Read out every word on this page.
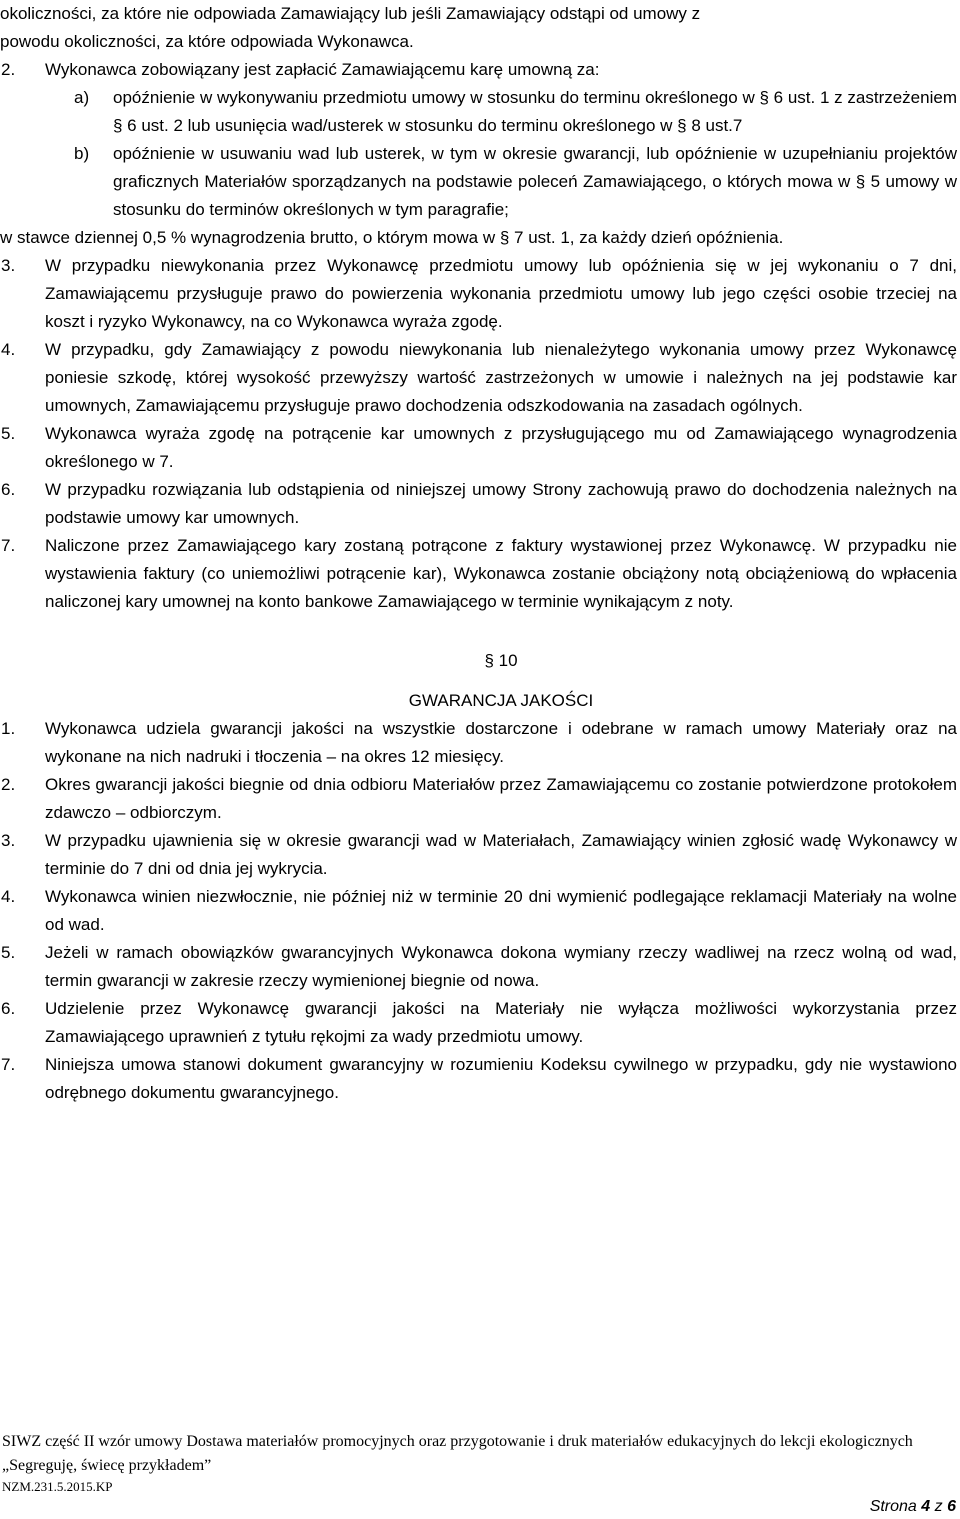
okoliczności, za które nie odpowiada Zamawiający lub jeśli Zamawiający odstąpi od umowy z
powodu okoliczności, za które odpowiada Wykonawca.
2. Wykonawca zobowiązany jest zapłacić Zamawiającemu karę umowną za:
a) opóźnienie w wykonywaniu przedmiotu umowy w stosunku do terminu określonego w § 6 ust. 1 z zastrzeżeniem § 6 ust. 2 lub usunięcia wad/usterek w stosunku do terminu określonego w § 8 ust.7
b) opóźnienie w usuwaniu wad lub usterek, w tym w okresie gwarancji, lub opóźnienie w uzupełnianiu projektów graficznych Materiałów sporządzanych na podstawie poleceń Zamawiającego, o których mowa w § 5 umowy w stosunku do terminów określonych w tym paragrafie;
w stawce dziennej 0,5 % wynagrodzenia brutto, o którym mowa w § 7 ust. 1, za każdy dzień opóźnienia.
3. W przypadku niewykonania przez Wykonawcę przedmiotu umowy lub opóźnienia się w jej wykonaniu o 7 dni, Zamawiającemu przysługuje prawo do powierzenia wykonania przedmiotu umowy lub jego części osobie trzeciej na koszt i ryzyko Wykonawcy, na co Wykonawca wyraża zgodę.
4. W przypadku, gdy Zamawiający z powodu niewykonania lub nienależytego wykonania umowy przez Wykonawcę poniesie szkodę, której wysokość przewyższy wartość zastrzeżonych w umowie i należnych na jej podstawie kar umownych, Zamawiającemu przysługuje prawo dochodzenia odszkodowania na zasadach ogólnych.
5. Wykonawca wyraża zgodę na potrącenie kar umownych z przysługującego mu od Zamawiającego wynagrodzenia określonego w 7.
6. W przypadku rozwiązania lub odstąpienia od niniejszej umowy Strony zachowują prawo do dochodzenia należnych na podstawie umowy kar umownych.
7. Naliczone przez Zamawiającego kary zostaną potrącone z faktury wystawionej przez Wykonawcę. W przypadku nie wystawienia faktury (co uniemożliwi potrącenie kar), Wykonawca zostanie obciążony notą obciążeniową do wpłacenia naliczonej kary umownej na konto bankowe Zamawiającego w terminie wynikającym z noty.
§ 10
GWARANCJA JAKOŚCI
1. Wykonawca udziela gwarancji jakości na wszystkie dostarczone i odebrane w ramach umowy Materiały oraz na wykonane na nich nadruki i tłoczenia – na okres 12 miesięcy.
2. Okres gwarancji jakości biegnie od dnia odbioru Materiałów przez Zamawiającemu co zostanie potwierdzone protokołem zdawczo – odbiorczym.
3. W przypadku ujawnienia się w okresie gwarancji wad w Materiałach, Zamawiający winien zgłosić wadę Wykonawcy w terminie do 7 dni od dnia jej wykrycia.
4. Wykonawca winien niezwłocznie, nie później niż w terminie 20 dni wymienić podlegające reklamacji Materiały na wolne od wad.
5. Jeżeli w ramach obowiązków gwarancyjnych Wykonawca dokona wymiany rzeczy wadliwej na rzecz wolną od wad, termin gwarancji w zakresie rzeczy wymienionej biegnie od nowa.
6. Udzielenie przez Wykonawcę gwarancji jakości na Materiały nie wyłącza możliwości wykorzystania przez Zamawiającego uprawnień z tytułu rękojmi za wady przedmiotu umowy.
7. Niniejsza umowa stanowi dokument gwarancyjny w rozumieniu Kodeksu cywilnego w przypadku, gdy nie wystawiono odrębnego dokumentu gwarancyjnego.
SIWZ część II wzór umowy Dostawa materiałów promocyjnych oraz przygotowanie i druk materiałów edukacyjnych do lekcji ekologicznych „Segreguję, świecę przykładem”
NZM.231.5.2015.KP
Strona 4 z 6
